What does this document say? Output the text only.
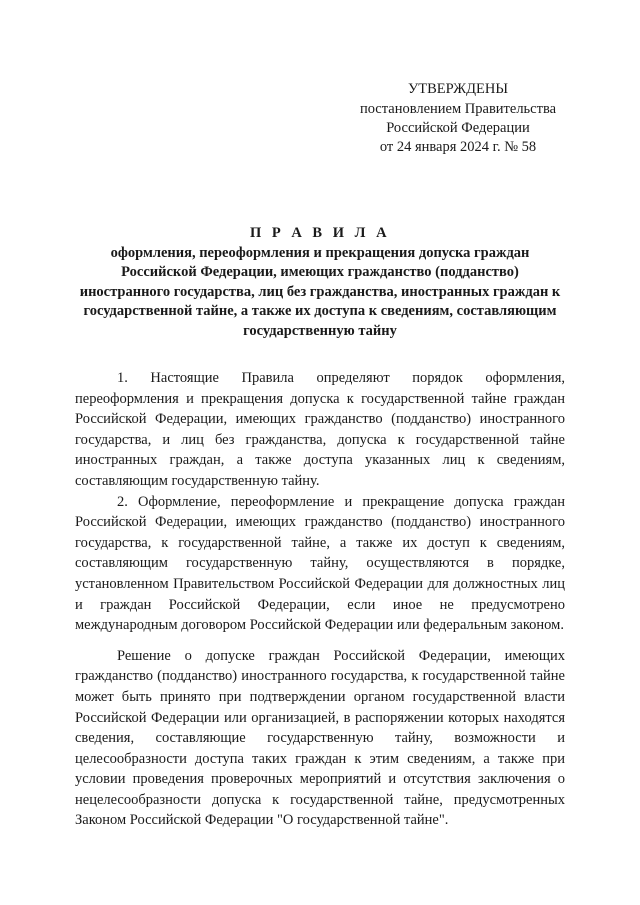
УТВЕРЖДЕНЫ
постановлением Правительства
Российской Федерации
от 24 января 2024 г. № 58
П Р А В И Л А
оформления, переоформления и прекращения допуска граждан Российской Федерации, имеющих гражданство (подданство) иностранного государства, лиц без гражданства, иностранных граждан к государственной тайне, а также их доступа к сведениям, составляющим государственную тайну

1. Настоящие Правила определяют порядок оформления, переоформления и прекращения допуска к государственной тайне граждан Российской Федерации, имеющих гражданство (подданство) иностранного государства, и лиц без гражданства, допуска к государственной тайне иностранных граждан, а также доступа указанных лиц к сведениям, составляющим государственную тайну.

2. Оформление, переоформление и прекращение допуска граждан Российской Федерации, имеющих гражданство (подданство) иностранного государства, к государственной тайне, а также их доступ к сведениям, составляющим государственную тайну, осуществляются в порядке, установленном Правительством Российской Федерации для должностных лиц и граждан Российской Федерации, если иное не предусмотрено международным договором Российской Федерации или федеральным законом.

Решение о допуске граждан Российской Федерации, имеющих гражданство (подданство) иностранного государства, к государственной тайне может быть принято при подтверждении органом государственной власти Российской Федерации или организацией, в распоряжении которых находятся сведения, составляющие государственную тайну, возможности и целесообразности доступа таких граждан к этим сведениям, а также при условии проведения проверочных мероприятий и отсутствия заключения о нецелесообразности допуска к государственной тайне, предусмотренных Законом Российской Федерации "О государственной тайне".
